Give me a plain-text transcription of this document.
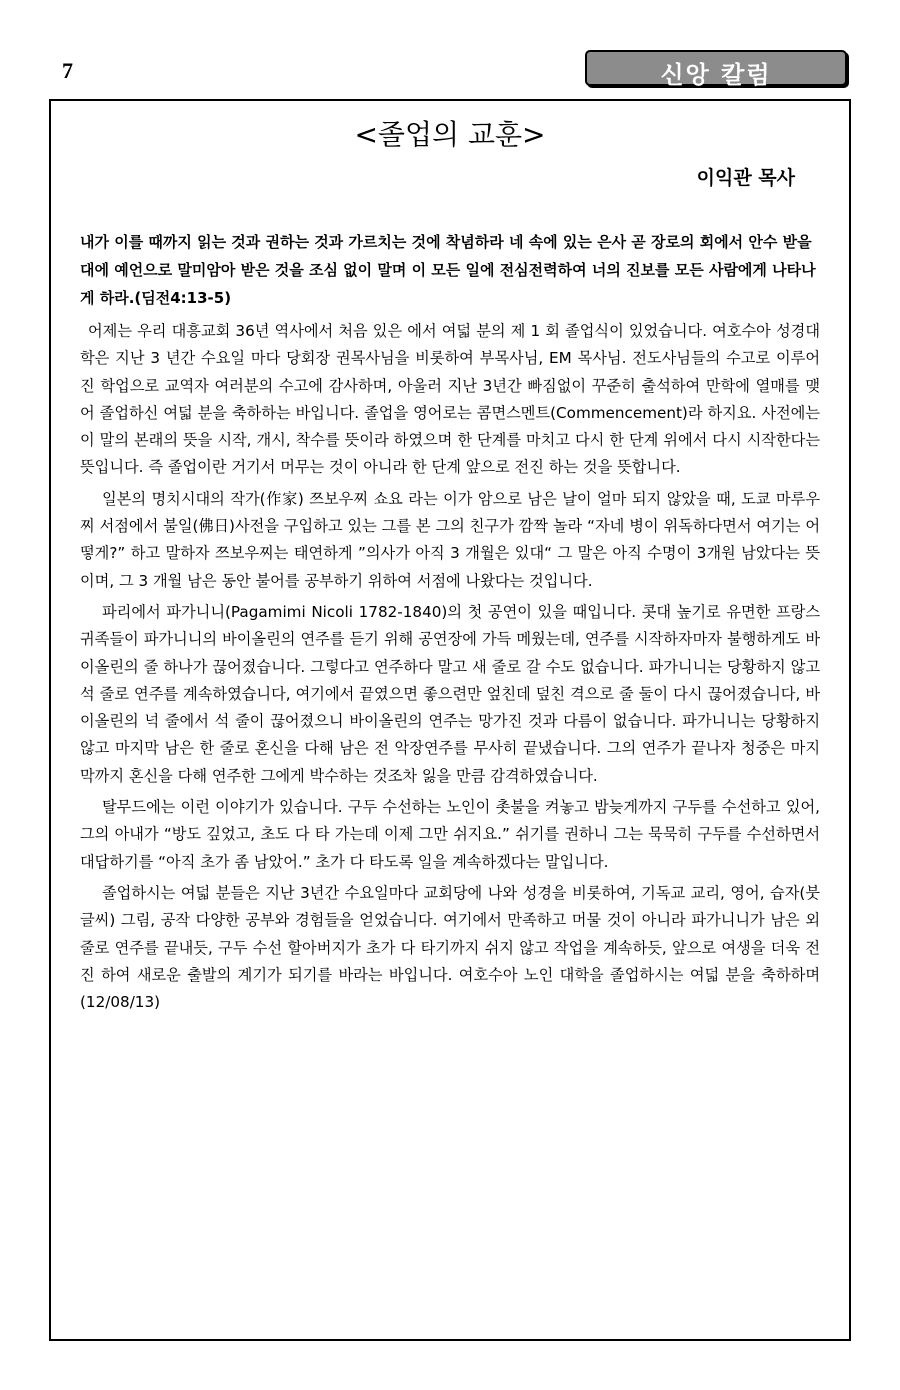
7	신앙 칼럼
<졸업의 교훈>
이익관 목사
내가 이를 때까지 읽는 것과 권하는 것과 가르치는 것에 착념하라 네 속에 있는 은사 곧 장로의 회에서 안수 받을 대에 예언으로 말미암아 받은 것을 조심 없이 말며 이 모든 일에 전심전력하여 너의 진보를 모든 사람에게 나타나게 하라.(딤전4:13-5)

어제는 우리 대흥교회 36년 역사에서 처음 있은 에서 여덟 분의 제 1 회 졸업식이 있었습니다. 여호수아 성경대학은 지난 3 년간 수요일 마다 당회장 권목사님을 비롯하여 부목사님, EM 목사님. 전도사님들의 수고로 이루어진 학업으로 교역자 여러분의 수고에 감사하며, 아울러 지난 3년간 빠짐없이 꾸준히 출석하여 만학에 열매를 맺어 졸업하신 여덟 분을 축하하는 바입니다. 졸업을 영어로는 콤면스멘트(Commencement)라 하지요. 사전에는 이 말의 본래의 뜻을 시작, 개시, 착수를 뜻이라 하였으며 한 단계를 마치고 다시 한 단계 위에서 다시 시작한다는 뜻입니다. 즉 졸업이란 거기서 머무는 것이 아니라 한 단계 앞으로 전진 하는 것을 뜻합니다.

일본의 명치시대의 작가(作家) 쯔보우찌 쇼요 라는 이가 암으로 남은 날이 얼마 되지 않았을 때, 도쿄 마루우찌 서점에서 불일(佛日)사전을 구입하고 있는 그를 본 그의 친구가 깜짝 놀라 “자네 병이 위독하다면서 여기는 어떻게?” 하고 말하자 쯔보우찌는 태연하게 ”의사가 아직 3 개월은 있대“ 그 말은 아직 수명이 3개원 남았다는 뜻이며, 그 3 개월 남은 동안 불어를 공부하기 위하여 서점에 나왔다는 것입니다.

파리에서 파가니니(Pagamimi Nicoli 1782-1840)의 첫 공연이 있을 때입니다. 콧대 높기로 유면한 프랑스 귀족들이 파가니니의 바이올린의 연주를 듣기 위해 공연장에 가득 메웠는데, 연주를 시작하자마자 불행하게도 바이올린의 줄 하나가 끊어졌습니다. 그렇다고 연주하다 말고 새 줄로 갈 수도 없습니다. 파가니니는 당황하지 않고 석 줄로 연주를 계속하였습니다, 여기에서 끝였으면 좋으련만 엎친데 덮친 격으로 줄 둘이 다시 끊어졌습니다, 바이올린의 넉 줄에서 석 줄이 끊어졌으니 바이올린의 연주는 망가진 것과 다름이 없습니다. 파가니니는 당황하지 않고 마지막 남은 한 줄로 혼신을 다해 남은 전 악장연주를 무사히 끝냈습니다. 그의 연주가 끝나자 청중은 마지막까지 혼신을 다해 연주한 그에게 박수하는 것조차 잃을 만큼 감격하였습니다.

탈무드에는 이런 이야기가 있습니다. 구두 수선하는 노인이 촛불을 켜놓고 밤늦게까지 구두를 수선하고 있어, 그의 아내가 “방도 깊었고, 초도 다 타 가는데 이제 그만 쉬지요.” 쉬기를 권하니 그는 묵묵히 구두를 수선하면서 대답하기를 “아직 초가 좀 남았어.” 초가 다 타도록 일을 계속하겠다는 말입니다.

졸업하시는 여덟 분들은 지난 3년간 수요일마다 교회당에 나와 성경을 비롯하여, 기독교 교리, 영어, 습자(붓글씨) 그림, 공작 다양한 공부와 경험들을 얻었습니다. 여기에서 만족하고 머물 것이 아니라 파가니니가 남은 외줄로 연주를 끝내듯, 구두 수선 할아버지가 초가 다 타기까지 쉬지 않고 작업을 계속하듯, 앞으로 여생을 더욱 전진 하여 새로운 출발의 계기가 되기를 바라는 바입니다. 여호수아 노인 대학을 졸업하시는 여덟 분을 축하하며 (12/08/13)
